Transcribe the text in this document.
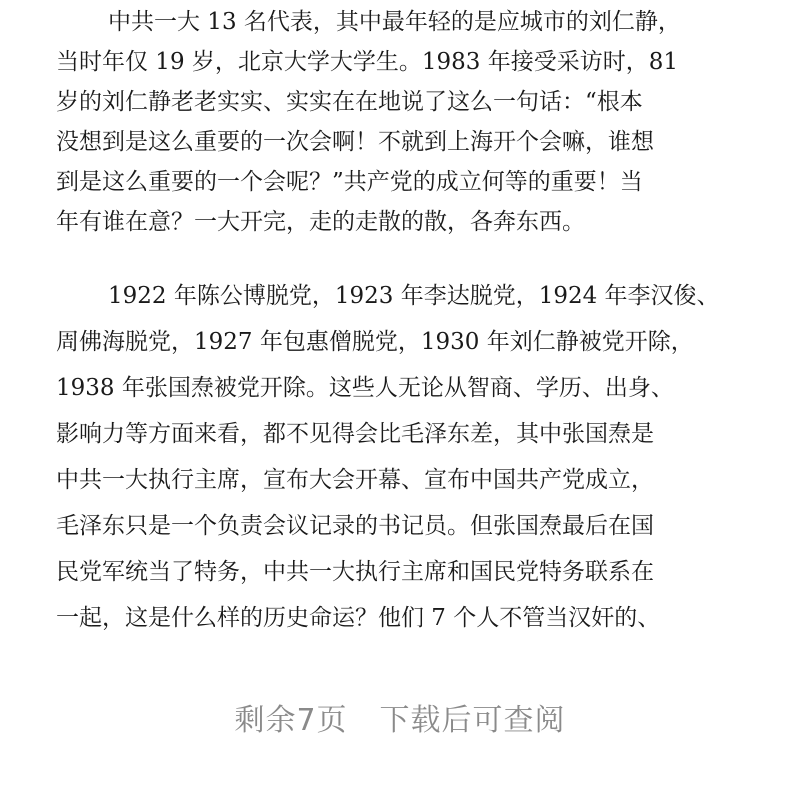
中共一大 13 名代表，其中最年轻的是应城市的刘仁静，
当时年仅 19 岁，北京大学大学生。1983 年接受采访时，81
岁的刘仁静老老实实、实实在在地说了这么一句话：“根本
没想到是这么重要的一次会啊！不就到上海开个会嘛，谁想
到是这么重要的一个会呢？”共产党的成立何等的重要！当
年有谁在意？一大开完，走的走散的散，各奔东西。
1922 年陈公博脱党，1923 年李达脱党，1924 年李汉俊、
周佛海脱党，1927 年包惠僧脱党，1930 年刘仁静被党开除，
1938 年张国焘被党开除。这些人无论从智商、学历、出身、
影响力等方面来看，都不见得会比毛泽东差，其中张国焘是
中共一大执行主席，宣布大会开幕、宣布中国共产党成立，
毛泽东只是一个负责会议记录的书记员。但张国焘最后在国
民党军统当了特务，中共一大执行主席和国民党特务联系在
一起，这是什么样的历史命运？他们 7 个人不管当汉奸的、
剩余7页 下载后可查阅
